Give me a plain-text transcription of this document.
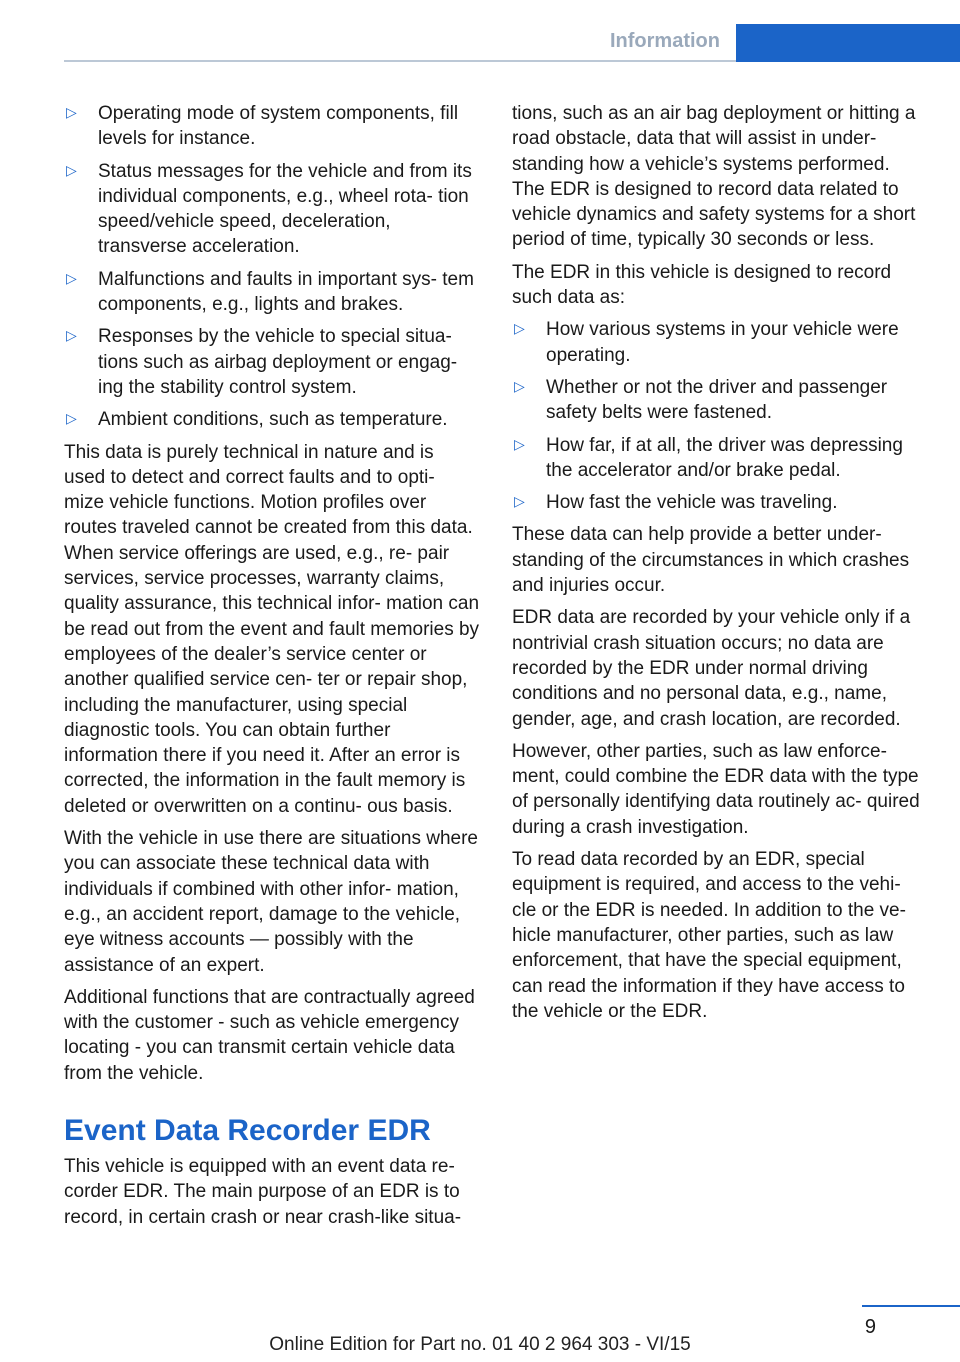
Information
▷ Operating mode of system components, fill levels for instance.
▷ Status messages for the vehicle and from its individual components, e.g., wheel rota- tion speed/vehicle speed, deceleration, transverse acceleration.
▷ Malfunctions and faults in important sys- tem components, e.g., lights and brakes.
▷ Responses by the vehicle to special situa- tions such as airbag deployment or engag- ing the stability control system.
▷ Ambient conditions, such as temperature.

This data is purely technical in nature and is used to detect and correct faults and to opti- mize vehicle functions. Motion profiles over routes traveled cannot be created from this data. When service offerings are used, e.g., re- pair services, service processes, warranty claims, quality assurance, this technical infor- mation can be read out from the event and fault memories by employees of the dealer’s service center or another qualified service cen- ter or repair shop, including the manufacturer, using special diagnostic tools. You can obtain further information there if you need it. After an error is corrected, the information in the fault memory is deleted or overwritten on a continu- ous basis.

With the vehicle in use there are situations where you can associate these technical data with individuals if combined with other infor- mation, e.g., an accident report, damage to the vehicle, eye witness accounts — possibly with the assistance of an expert.

Additional functions that are contractually agreed with the customer - such as vehicle emergency locating - you can transmit certain vehicle data from the vehicle.

Event Data Recorder EDR

This vehicle is equipped with an event data re- corder EDR. The main purpose of an EDR is to record, in certain crash or near crash-like situa-

tions, such as an air bag deployment or hitting a road obstacle, data that will assist in under- standing how a vehicle’s systems performed. The EDR is designed to record data related to vehicle dynamics and safety systems for a short period of time, typically 30 seconds or less.

The EDR in this vehicle is designed to record such data as:

▷ How various systems in your vehicle were operating.
▷ Whether or not the driver and passenger safety belts were fastened.
▷ How far, if at all, the driver was depressing the accelerator and/or brake pedal.
▷ How fast the vehicle was traveling.

These data can help provide a better under- standing of the circumstances in which crashes and injuries occur.

EDR data are recorded by your vehicle only if a nontrivial crash situation occurs; no data are recorded by the EDR under normal driving conditions and no personal data, e.g., name, gender, age, and crash location, are recorded.

However, other parties, such as law enforce- ment, could combine the EDR data with the type of personally identifying data routinely ac- quired during a crash investigation.

To read data recorded by an EDR, special equipment is required, and access to the vehi- cle or the EDR is needed. In addition to the ve- hicle manufacturer, other parties, such as law enforcement, that have the special equipment, can read the information if they have access to the vehicle or the EDR.

9
Online Edition for Part no. 01 40 2 964 303 - VI/15
